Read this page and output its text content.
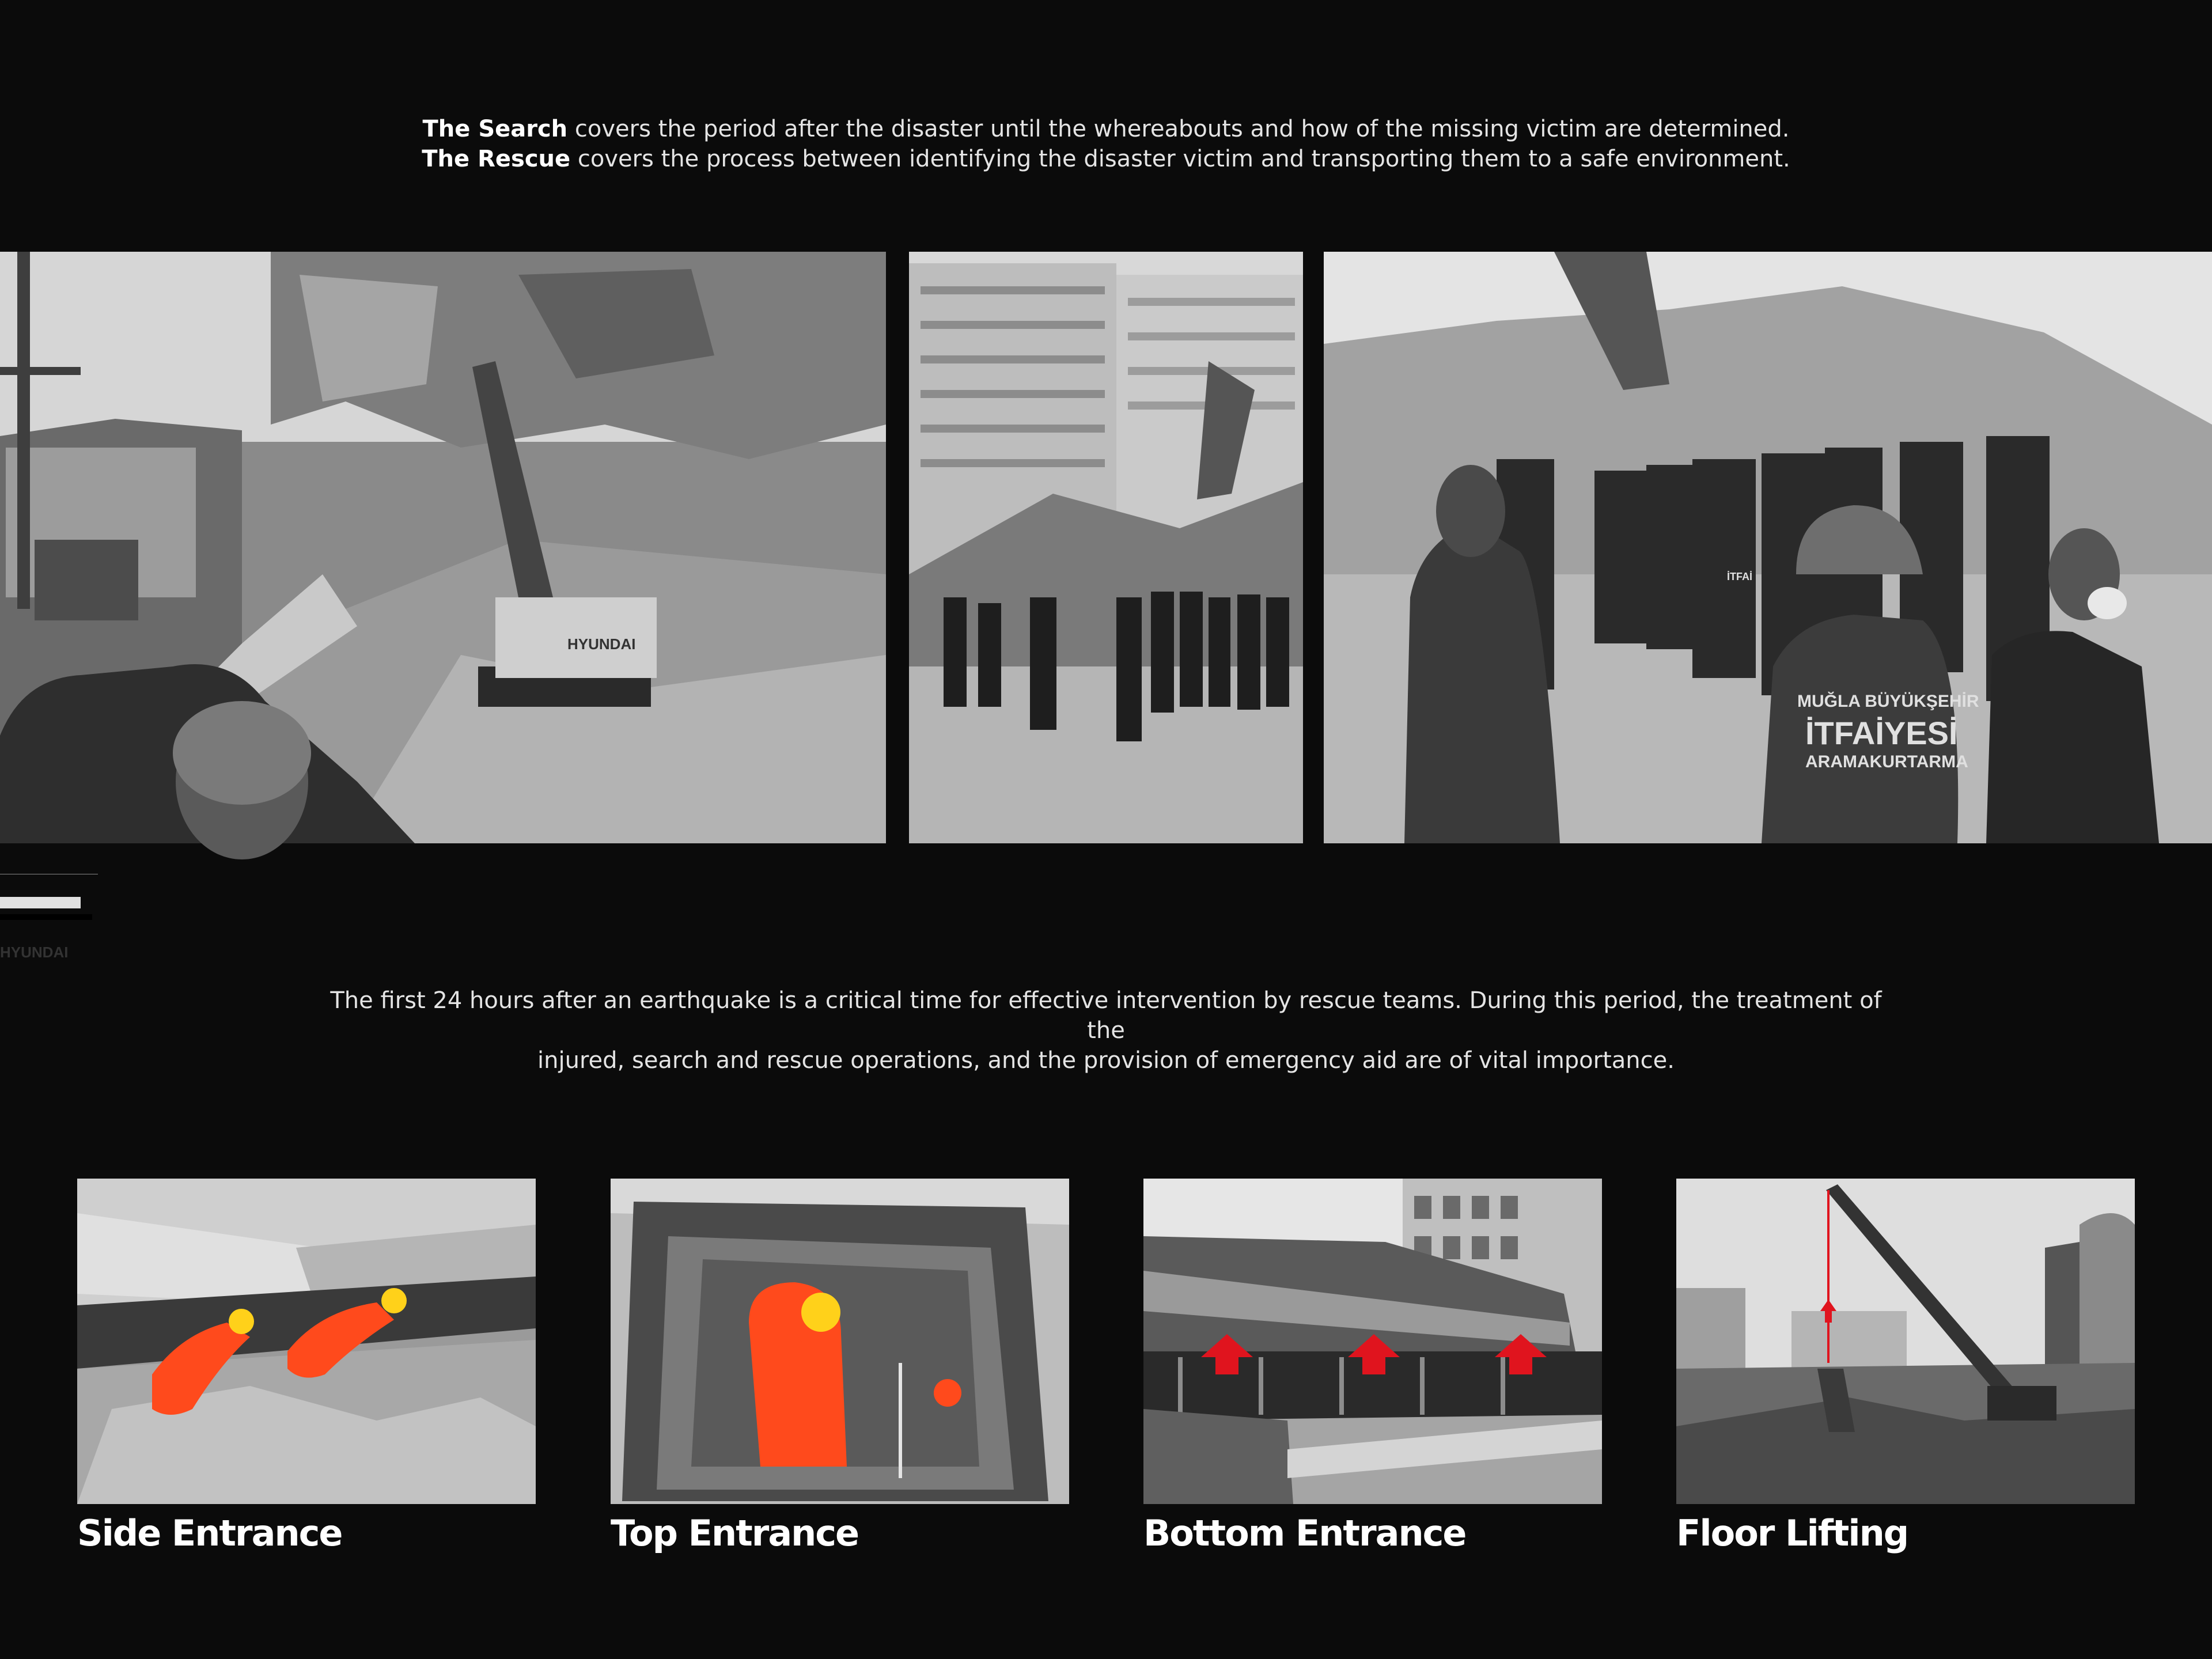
The Search covers the period after the disaster until the whereabouts and how of the missing victim are determined.
The Rescue covers the process between identifying the disaster victim and transporting them to a safe environment.
HYUNDAI
HYUNDAI
MUĞLA BÜYÜKŞEHİR
İTFAİYESİ
ARAMAKURTARMA
İTFAİ
The first 24 hours after an earthquake is a critical time for effective intervention by rescue teams. During this period, the treatment of the
injured, search and rescue operations, and the provision of emergency aid are of vital importance.
Side Entrance	Top Entrance	Bottom Entrance	Floor Lifting
